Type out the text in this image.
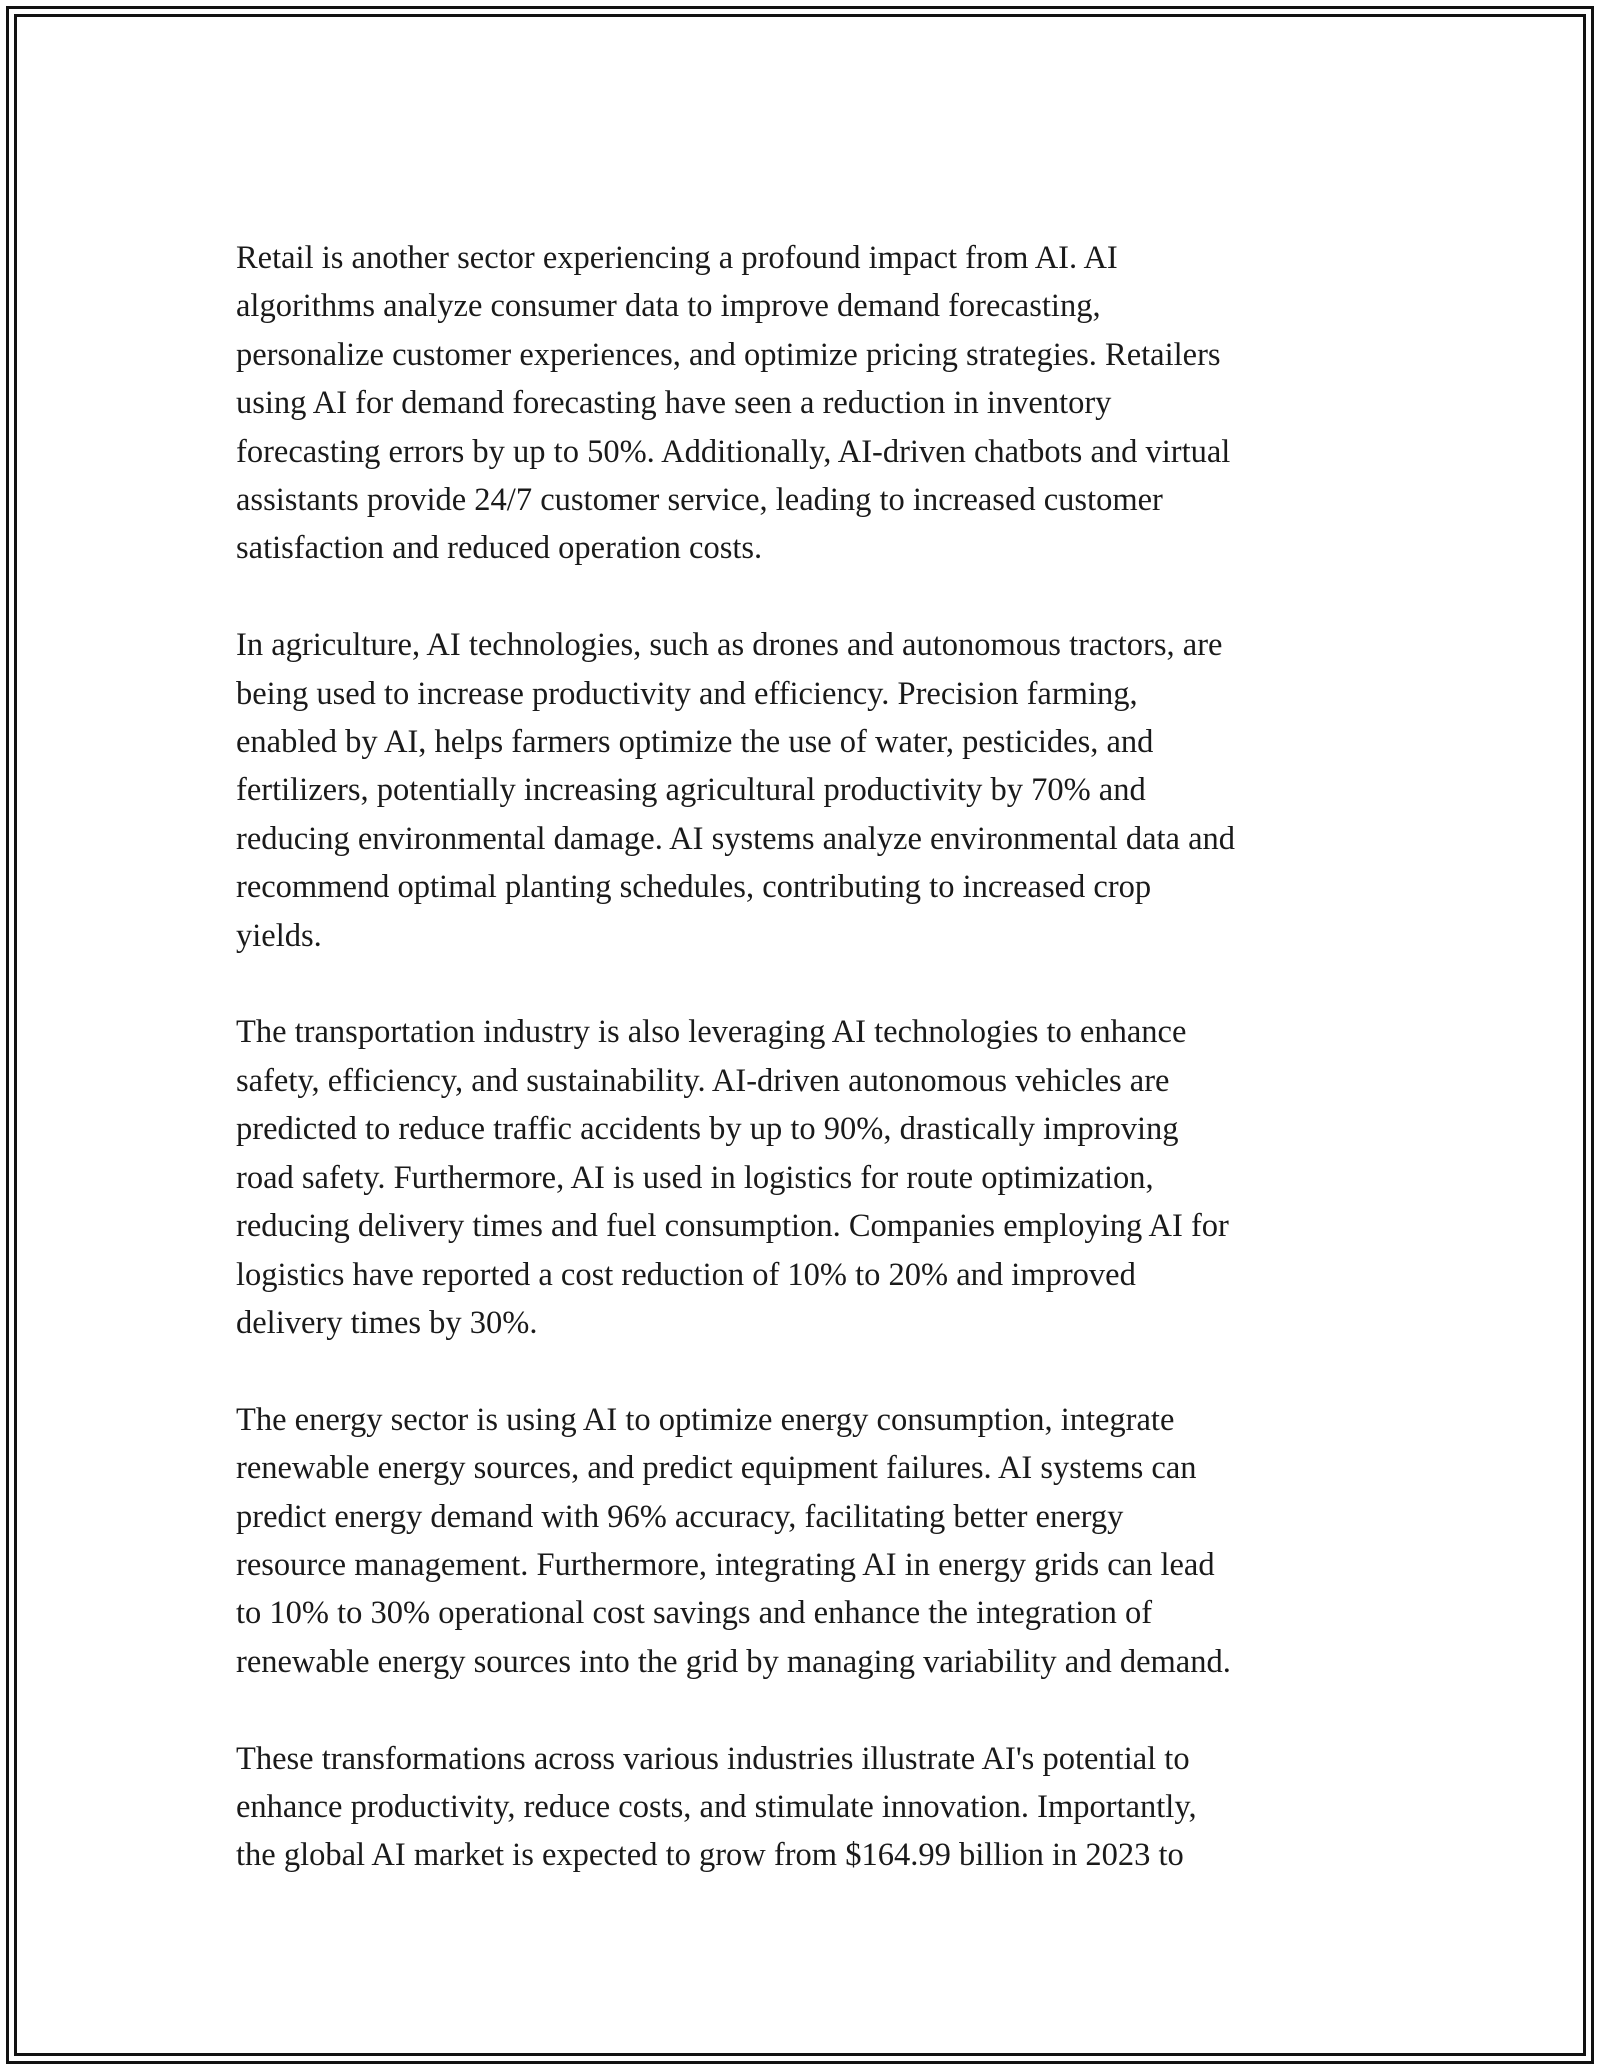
Retail is another sector experiencing a profound impact from AI. AI
algorithms analyze consumer data to improve demand forecasting,
personalize customer experiences, and optimize pricing strategies. Retailers
using AI for demand forecasting have seen a reduction in inventory
forecasting errors by up to 50%. Additionally, AI-driven chatbots and virtual
assistants provide 24/7 customer service, leading to increased customer
satisfaction and reduced operation costs.

In agriculture, AI technologies, such as drones and autonomous tractors, are
being used to increase productivity and efficiency. Precision farming,
enabled by AI, helps farmers optimize the use of water, pesticides, and
fertilizers, potentially increasing agricultural productivity by 70% and
reducing environmental damage. AI systems analyze environmental data and
recommend optimal planting schedules, contributing to increased crop
yields.

The transportation industry is also leveraging AI technologies to enhance
safety, efficiency, and sustainability. AI-driven autonomous vehicles are
predicted to reduce traffic accidents by up to 90%, drastically improving
road safety. Furthermore, AI is used in logistics for route optimization,
reducing delivery times and fuel consumption. Companies employing AI for
logistics have reported a cost reduction of 10% to 20% and improved
delivery times by 30%.

The energy sector is using AI to optimize energy consumption, integrate
renewable energy sources, and predict equipment failures. AI systems can
predict energy demand with 96% accuracy, facilitating better energy
resource management. Furthermore, integrating AI in energy grids can lead
to 10% to 30% operational cost savings and enhance the integration of
renewable energy sources into the grid by managing variability and demand.

These transformations across various industries illustrate AI's potential to
enhance productivity, reduce costs, and stimulate innovation. Importantly,
the global AI market is expected to grow from $164.99 billion in 2023 to
